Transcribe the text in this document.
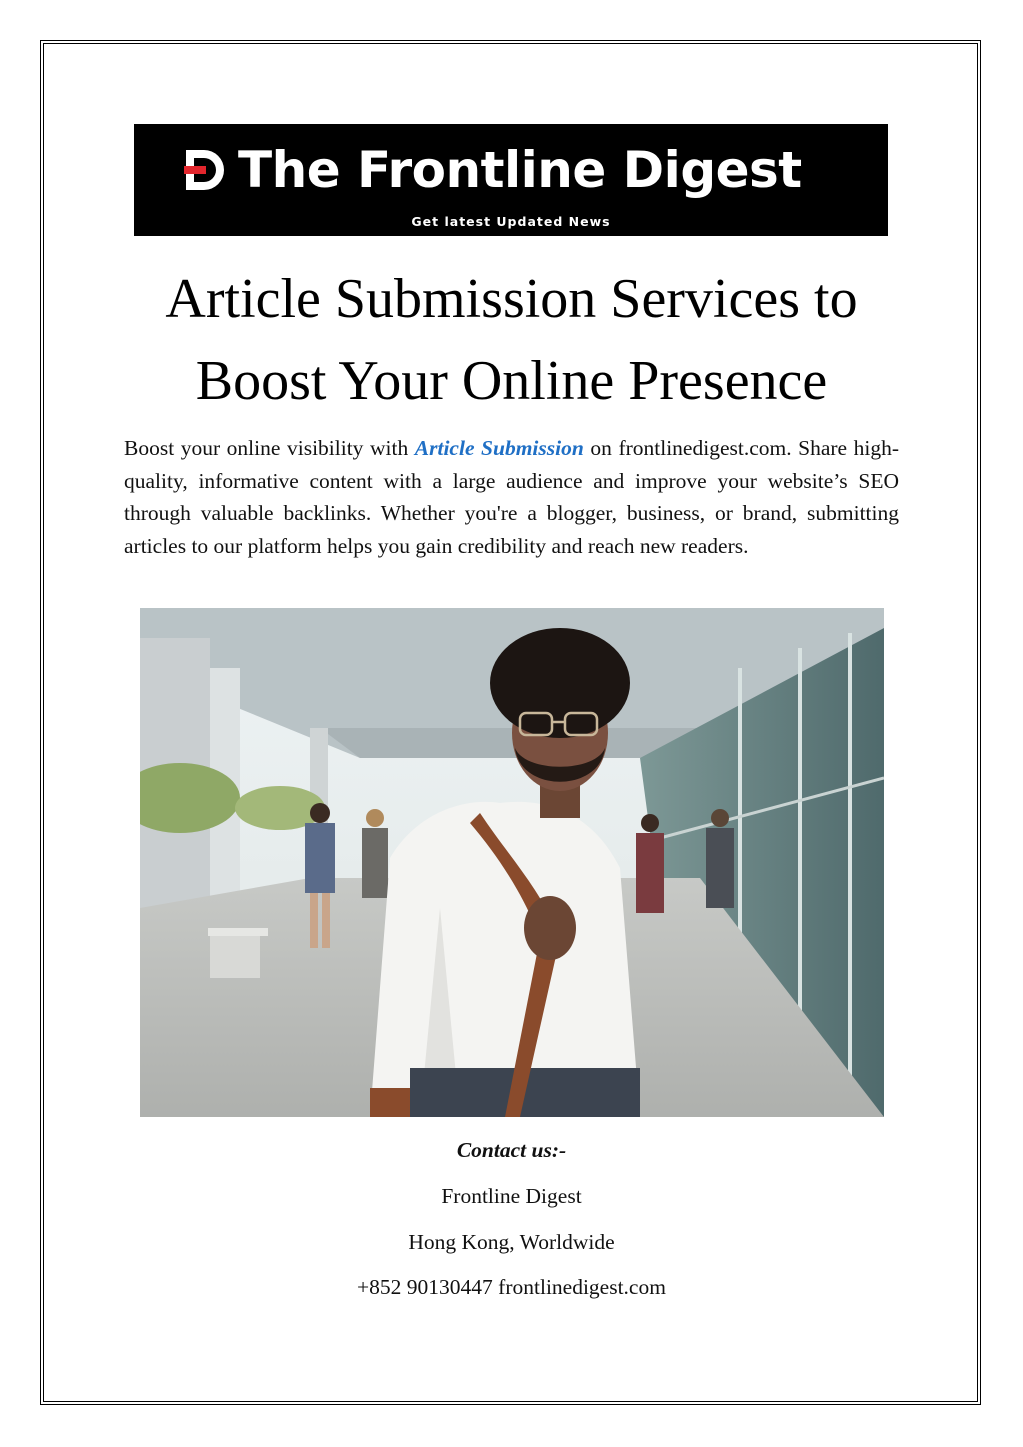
The Frontline Digest
Get latest Updated News
Article Submission Services to
Boost Your Online Presence

Boost your online visibility with Article Submission on frontlinedigest.com. Share high-quality, informative content with a large audience and improve your website’s SEO through valuable backlinks. Whether you're a blogger, business, or brand, submitting articles to our platform helps you gain credibility and reach new readers.

Contact us:-
Frontline Digest
Hong Kong, Worldwide
+852 90130447 frontlinedigest.com
